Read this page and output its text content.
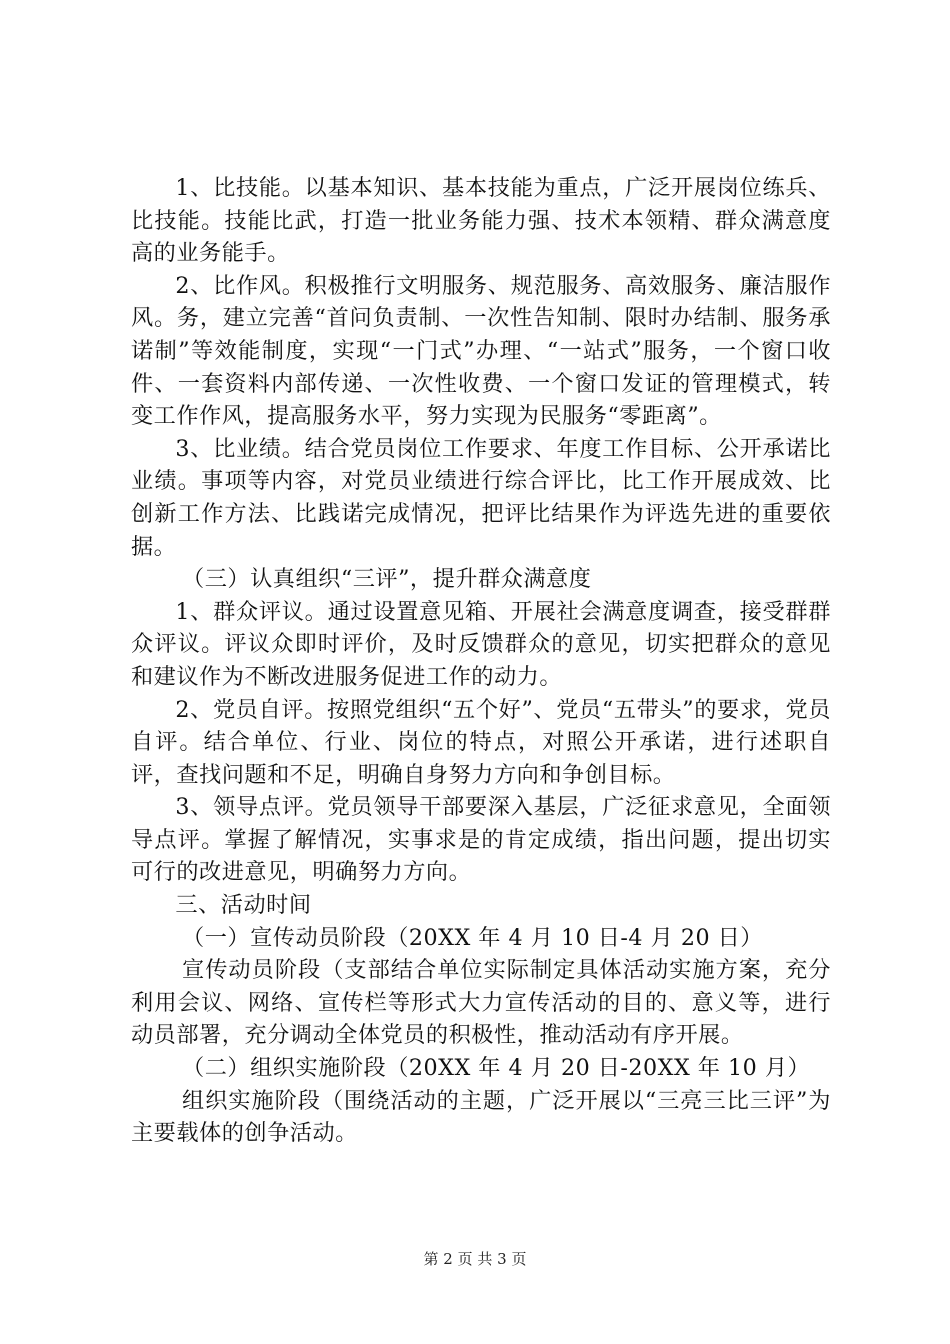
1、比技能。以基本知识、基本技能为重点，广泛开展岗位练兵、比技能。技能比武，打造一批业务能力强、技术本领精、群众满意度高的业务能手。

2、比作风。积极推行文明服务、规范服务、高效服务、廉洁服作风。务，建立完善“首问负责制、一次性告知制、限时办结制、服务承诺制”等效能制度，实现“一门式”办理、“一站式”服务，一个窗口收件、一套资料内部传递、一次性收费、一个窗口发证的管理模式，转变工作作风，提高服务水平，努力实现为民服务“零距离”。

3、比业绩。结合党员岗位工作要求、年度工作目标、公开承诺比业绩。事项等内容，对党员业绩进行综合评比，比工作开展成效、比创新工作方法、比践诺完成情况，把评比结果作为评选先进的重要依据。

（三）认真组织“三评”，提升群众满意度

1、群众评议。通过设置意见箱、开展社会满意度调查，接受群群众评议。评议众即时评价，及时反馈群众的意见，切实把群众的意见和建议作为不断改进服务促进工作的动力。

2、党员自评。按照党组织“五个好”、党员“五带头”的要求，党员自评。结合单位、行业、岗位的特点，对照公开承诺，进行述职自评，查找问题和不足，明确自身努力方向和争创目标。

3、领导点评。党员领导干部要深入基层，广泛征求意见，全面领导点评。掌握了解情况，实事求是的肯定成绩，指出问题，提出切实可行的改进意见，明确努力方向。

三、活动时间

（一）宣传动员阶段（20XX 年 4 月 10 日-4 月 20 日）

宣传动员阶段（支部结合单位实际制定具体活动实施方案，充分利用会议、网络、宣传栏等形式大力宣传活动的目的、意义等，进行动员部署，充分调动全体党员的积极性，推动活动有序开展。

（二）组织实施阶段（20XX 年 4 月 20 日-20XX 年 10 月）

组织实施阶段（围绕活动的主题，广泛开展以“三亮三比三评”为主要载体的创争活动。

第 2 页 共 3 页
